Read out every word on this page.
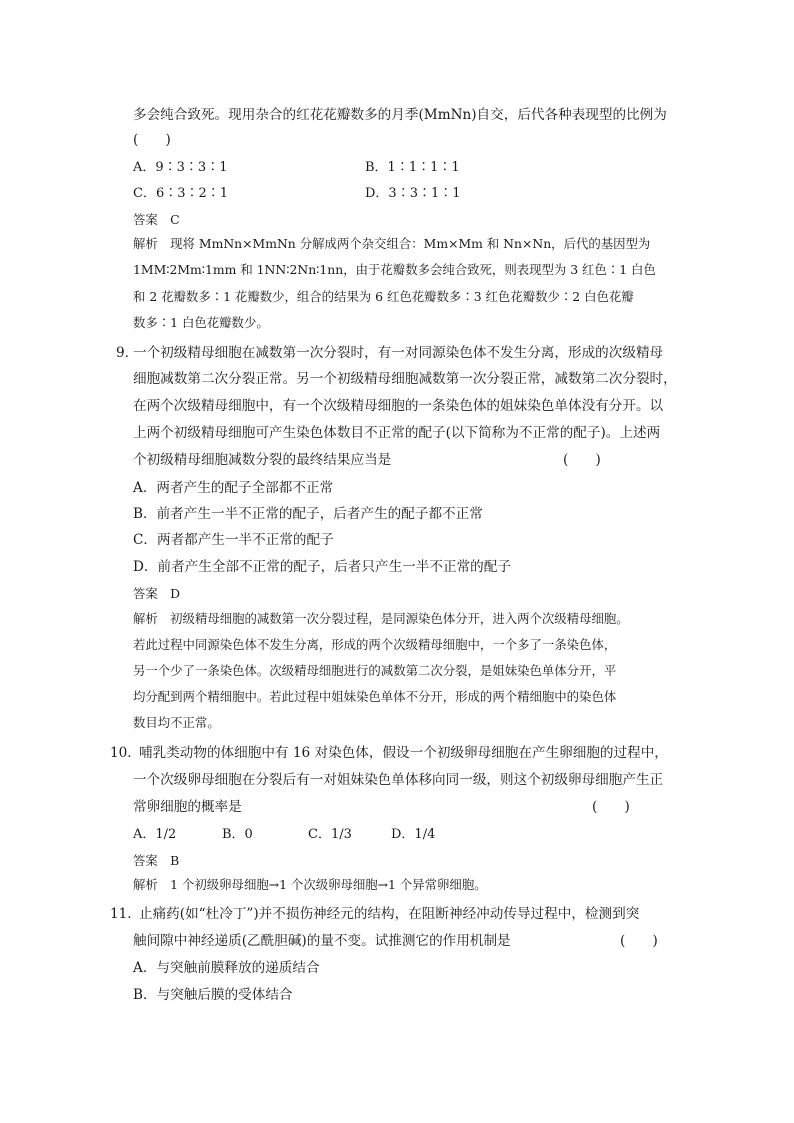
多会纯合致死。现用杂合的红花花瓣数多的月季(MmNn)自交，后代各种表现型的比例为
(　　)
A．9∶3∶3∶1	B．1∶1∶1∶1
C．6∶3∶2∶1	D．3∶3∶1∶1
答案　C
解析　现将 MmNn×MmNn 分解成两个杂交组合：Mm×Mm 和 Nn×Nn，后代的基因型为
1MM∶2Mm∶1mm 和 1NN∶2Nn∶1nn，由于花瓣数多会纯合致死，则表现型为 3 红色∶1 白色
和 2 花瓣数多∶1 花瓣数少，组合的结果为 6 红色花瓣数多∶3 红色花瓣数少∶2 白色花瓣
数多∶1 白色花瓣数少。
9．
一个初级精母细胞在减数第一次分裂时，有一对同源染色体不发生分离，形成的次级精母
细胞减数第二次分裂正常。另一个初级精母细胞减数第一次分裂正常，减数第二次分裂时，
在两个次级精母细胞中，有一个次级精母细胞的一条染色体的姐妹染色单体没有分开。以
上两个初级精母细胞可产生染色体数目不正常的配子(以下简称为不正常的配子)。上述两
个初级精母细胞减数分裂的最终结果应当是	(　　)
A．两者产生的配子全部都不正常
B．前者产生一半不正常的配子，后者产生的配子都不正常
C．两者都产生一半不正常的配子
D．前者产生全部不正常的配子，后者只产生一半不正常的配子
答案　D
解析　初级精母细胞的减数第一次分裂过程，是同源染色体分开，进入两个次级精母细胞。
若此过程中同源染色体不发生分离，形成的两个次级精母细胞中，一个多了一条染色体，
另一个少了一条染色体。次级精母细胞进行的减数第二次分裂，是姐妹染色单体分开，平
均分配到两个精细胞中。若此过程中姐妹染色单体不分开，形成的两个精细胞中的染色体
数目均不正常。
10．
哺乳类动物的体细胞中有 16 对染色体，假设一个初级卵母细胞在产生卵细胞的过程中，
一个次级卵母细胞在分裂后有一对姐妹染色单体移向同一级，则这个初级卵母细胞产生正
常卵细胞的概率是	(　　)
A．1/2	B．0	C．1/3	D．1/4
答案　B
解析　1 个初级卵母细胞→1 个次级卵母细胞→1 个异常卵细胞。
11．
止痛药(如“杜冷丁”)并不损伤神经元的结构，在阻断神经冲动传导过程中，检测到突
触间隙中神经递质(乙酰胆碱)的量不变。试推测它的作用机制是	(　　)
A．与突触前膜释放的递质结合
B．与突触后膜的受体结合
